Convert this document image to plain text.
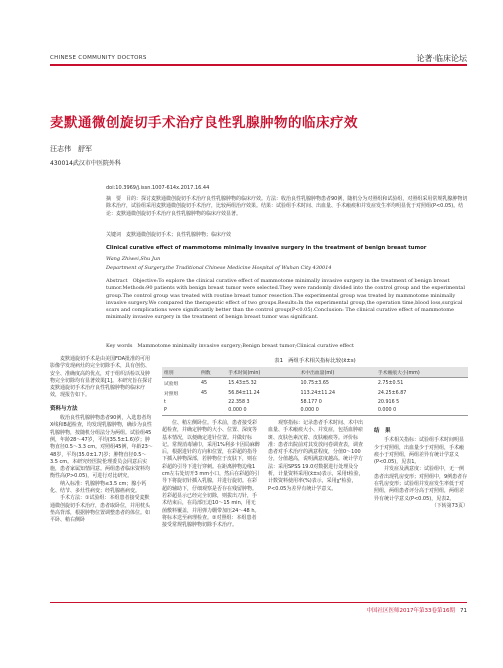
CHINESE COMMUNITY DOCTORS	论著·临床论坛
麦默通微创旋切手术治疗良性乳腺肿物的临床疗效
汪志伟　舒军
430014武汉市中医院外科
doi:10.3969/j.issn.1007-614x.2017.16.44
摘　要　目的：探讨麦默通微创旋切手术治疗良性乳腺肿物的临床疗效。方法：收治良性乳腺肿物患者90例，随机分为对照组和试验组，对照组采用常规乳腺肿物切除术治疗，试验组采用麦默通微创旋切手术治疗，比较两组治疗效果。结果：试验组手术时间、出血量、手术瘢痕和并发症发生率均明显优于对照组(P<0.05)。结论：麦默通微创旋切手术治疗良性乳腺肿物的临床疗效显著。
关键词　麦默通微创旋切手术；良性乳腺肿物；临床疗效
Clinical curative effect of mammotome minimally invasive surgery in the treatment of benign breast tumor
Wang Zhiwei,Shu Jun
Department of Surgery,the Traditional Chinese Medicine Hospital of Wuhan City 430014
Abstract　Objective:To explore the clinical curative effect of mammotome minimally invasive surgery in the treatment of benign breast tumor.Methods:90 patients with benign breast tumor were selected.They were randomly divided into the control group and the experimental group.The control group was treated with routine breast tumor resection.The experimental group was treated by mammotome minimally invasive surgery.We compared the therapeutic effect of two groups.Results:In the experimental group,the operation time,blood loss,surgical scars and complications were significantly better than the control group(P<0.05).Conclusion: The clinical curative effect of mammotome minimally invasive surgery in the treatment of benign breast tumor was significant.
Key words　Mammotome minimally invasive surgery;Benign breast tumor;Clinical curative effect

麦默通旋切手术是由美国FDA批准的可用影像学发现病灶的完全切除手术，具有创伤、安全、准确度高的优点，对于组织活检以及肿物完全切除均有显著效果[1]。本研究旨在探讨麦默通旋切手术治疗良性乳腺肿物的临床疗效，现报告如下。

资料与方法

收治良性乳腺肿物患者90例，入选患者均X线和B超检查，均发现乳腺肿物，确诊为良性乳腺肿物，按随机分组法分为两组。试验组45例，年龄28～47岁，平均(35.5±1.6)岁；肿物直径0.5～3.3 cm。对照组45例，年龄23～48岁，平均(35.0±1.7)岁；肿物直径0.5～3.5 cm。本研究经医院伦理委员会同意后实施，患者家属知情同意。两组患者临床资料均衡性高(P>0.05)，可进行对比研究。

纳入标准：乳腺肿物≤3.5 cm；腺小钙化、结节、多灶性病变；经乳腺癌病变。

手术方法：①试验组：本组患者接受麦默通微创旋切手术治疗，患者取卧位，并用枕头垫高背部，根据肿物位置调整患者的体位。如平卧、稍右侧卧

表1　两组手术相关指标比较(x̄±s)
组别	例数	手术时间(min)	术中出血量(ml)	手术瘢痕大小(mm)
试验组	45	15.43±5.32	10.75±3.65	2.75±0.51
对照组	45	56.84±11.24	113.24±11.24	24.25±6.87
t		22.358 3	58.177 0	20.916 5
P		0.000 0	0.000 0	0.000 0

位、稍左侧卧位。手术前，患者接受彩超检查，并确定肿物的大小、位置、深度等基本情况，以便确定进针位置。并做好标记。常规消毒铺巾，采用1%利多卡因局麻醉后，根据进针的方向和位置，在彩超的指导下插入肿物深部，若肿物位于皮肤下，则在彩超的引导下进行穿刺。在距离肿物边缘1 cm左右处切开3 mm小口，然后在彩超的引导下将旋切针插入乳腺，并进行旋切。在彩超的辅助下，仔细观察是否存在残留肿物。若彩超显示已经完全切除，则拔出刀针，手术结束后，在局部压迫10～15 min，用无菌敷料覆盖，并用弹力绷带加压24～48 h。将标本送至病理检查。②对照组：本组患者接受常规乳腺肿物切除手术治疗。

观察指标：记录患者手术时间、术中出血量、手术瘢痕大小、并发症，包括血肿瘀斑、皮肤色素沉着、皮肤瘢痕等。评价标准：患者出院前对其发放问卷调查表，调查患者对手术治疗的满意程度，分值0～100分，分值越高，说明满意度越高。统计学方法：采用SPSS 19.0对数据进行处理及分析，计量资料采用(x̄±s)表示，采用t检验，计数资料使用率(%)表示，采用χ²检验，P<0.05为差异有统计学意义。

结　果

手术相关指标：试验组手术时间明显少于对照组，出血量少于对照组，手术瘢痕小于对照组，两组差异有统计学意义(P<0.05)，见表1。

并发症及满意度：试验组中，无一例患者出现乳房变形；对照组中，9例患者存在乳房变形；试验组并发症发生率低于对照组，两组患者评分高于对照组，两组差异有统计学意义(P<0.05)，见表2。

（下转第73页）
中国社区医师2017年第33卷第16期 71
